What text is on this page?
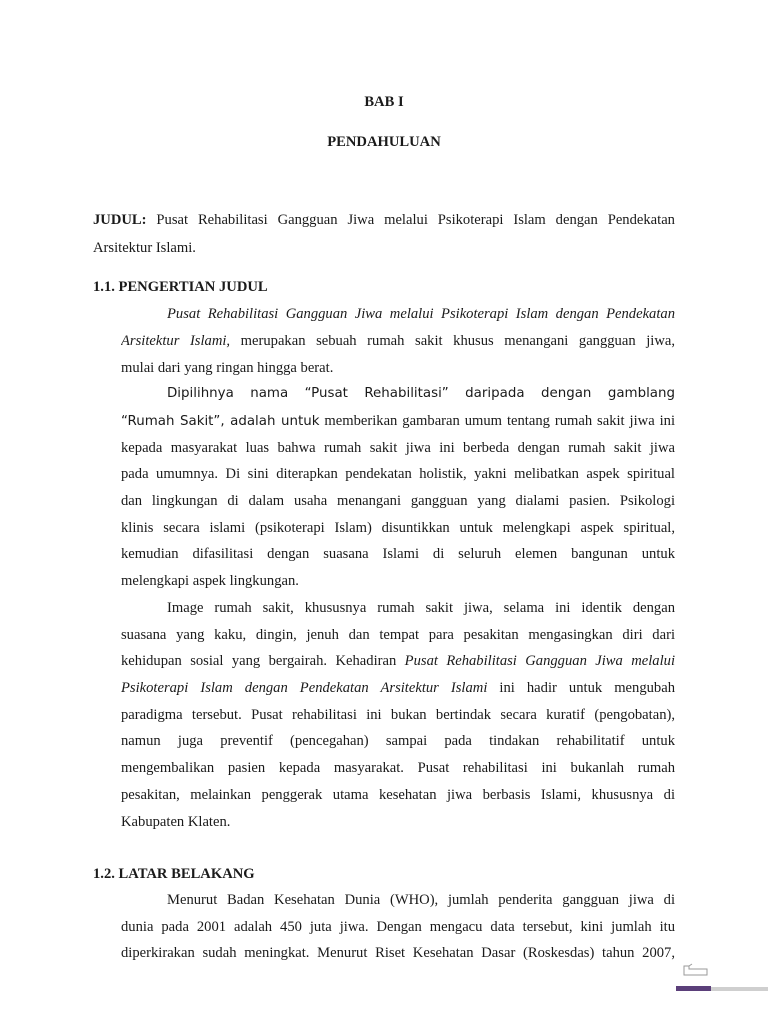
BAB I
PENDAHULUAN
JUDUL: Pusat Rehabilitasi Gangguan Jiwa melalui Psikoterapi Islam dengan Pendekatan
Arsitektur Islami.
1.1. PENGERTIAN JUDUL
Pusat Rehabilitasi Gangguan Jiwa melalui Psikoterapi Islam dengan Pendekatan
Arsitektur Islami, merupakan sebuah rumah sakit khusus menangani gangguan jiwa,
mulai dari yang ringan hingga berat.
Dipilihnya nama “Pusat Rehabilitasi” daripada dengan gamblang
“Rumah Sakit”, adalah untuk memberikan gambaran umum tentang rumah sakit jiwa ini
kepada masyarakat luas bahwa rumah sakit jiwa ini berbeda dengan rumah sakit jiwa
pada umumnya. Di sini diterapkan pendekatan holistik, yakni melibatkan aspek spiritual
dan lingkungan di dalam usaha menangani gangguan yang dialami pasien. Psikologi
klinis secara islami (psikoterapi Islam) disuntikkan untuk melengkapi aspek spiritual,
kemudian difasilitasi dengan suasana Islami di seluruh elemen bangunan untuk
melengkapi aspek lingkungan.
Image rumah sakit, khususnya rumah sakit jiwa, selama ini identik dengan
suasana yang kaku, dingin, jenuh dan tempat para pesakitan mengasingkan diri dari
kehidupan sosial yang bergairah. Kehadiran Pusat Rehabilitasi Gangguan Jiwa melalui
Psikoterapi Islam dengan Pendekatan Arsitektur Islami ini hadir untuk mengubah
paradigma tersebut. Pusat rehabilitasi ini bukan bertindak secara kuratif (pengobatan),
namun juga preventif (pencegahan) sampai pada tindakan rehabilitatif untuk
mengembalikan pasien kepada masyarakat. Pusat rehabilitasi ini bukanlah rumah
pesakitan, melainkan penggerak utama kesehatan jiwa berbasis Islami, khususnya di
Kabupaten Klaten.
1.2. LATAR BELAKANG
Menurut Badan Kesehatan Dunia (WHO), jumlah penderita gangguan jiwa di
dunia pada 2001 adalah 450 juta jiwa. Dengan mengacu data tersebut, kini jumlah itu
diperkirakan sudah meningkat. Menurut Riset Kesehatan Dasar (Roskesdas) tahun 2007,
